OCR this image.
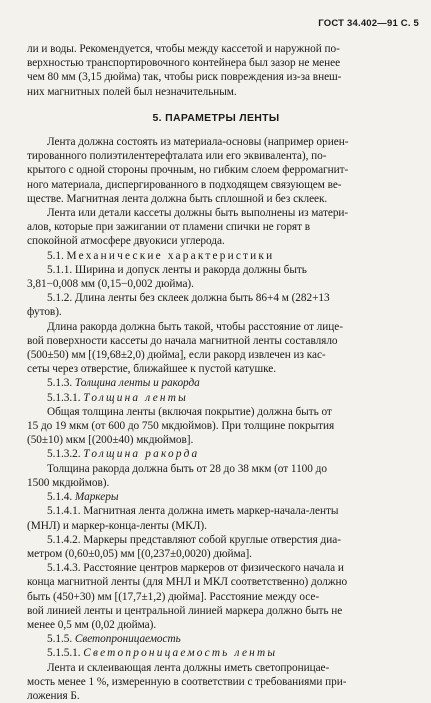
ГОСТ 34.402—91 С. 5

ли и воды. Рекомендуется, чтобы между кассетой и наружной по-

верхностью транспортировочного контейнера был зазор не менее

чем 80 мм (3,15 дюйма) так, чтобы риск повреждения из-за внеш-

них магнитных полей был незначительным.

5. ПАРАМЕТРЫ ЛЕНТЫ

Лента должна состоять из материала-основы (например ориен-

тированного полиэтилентерефталата или его эквивалента), по-

крытого с одной стороны прочным, но гибким слоем ферромагнит-

ного материала, диспергированного в подходящем связующем ве-

ществе. Магнитная лента должна быть сплошной и без склеек.

Лента или детали кассеты должны быть выполнены из матери-

алов, которые при зажигании от пламени спички не горят в

спокойной атмосфере двуокиси углерода.

5.1. Механические характеристики

5.1.1. Ширина и допуск ленты и ракорда должны быть

3,81−0,008 мм (0,15−0,002 дюйма).

5.1.2. Длина ленты без склеек должна быть 86+4 м (282+13

футов).

Длина ракорда должна быть такой, чтобы расстояние от лице-

вой поверхности кассеты до начала магнитной ленты составляло

(500±50) мм [(19,68±2,0) дюйма], если ракорд извлечен из кас-

сеты через отверстие, ближайшее к пустой катушке.

5.1.3. Толщина ленты и ракорда

5.1.3.1. Толщина ленты

Общая толщина ленты (включая покрытие) должна быть от

15 до 19 мкм (от 600 до 750 мкдюймов). При толщине покрытия

(50±10) мкм [(200±40) мкдюймов].

5.1.3.2. Толщина ракорда

Толщина ракорда должна быть от 28 до 38 мкм (от 1100 до

1500 мкдюймов).

5.1.4. Маркеры

5.1.4.1. Магнитная лента должна иметь маркер-начала-ленты

(МНЛ) и маркер-конца-ленты (МКЛ).

5.1.4.2. Маркеры представляют собой круглые отверстия диа-

метром (0,60±0,05) мм [(0,237±0,0020) дюйма].

5.1.4.3. Расстояние центров маркеров от физического начала и

конца магнитной ленты (для МНЛ и МКЛ соответственно) должно

быть (450+30) мм [(17,7±1,2) дюйма]. Расстояние между осе-

вой линией ленты и центральной линией маркера должно быть не

менее 0,5 мм (0,02 дюйма).

5.1.5. Светопроницаемость

5.1.5.1. Светопроницаемость ленты

Лента и склеивающая лента должны иметь светопроницае-

мость менее 1 %, измеренную в соответствии с требованиями при-

ложения Б.
